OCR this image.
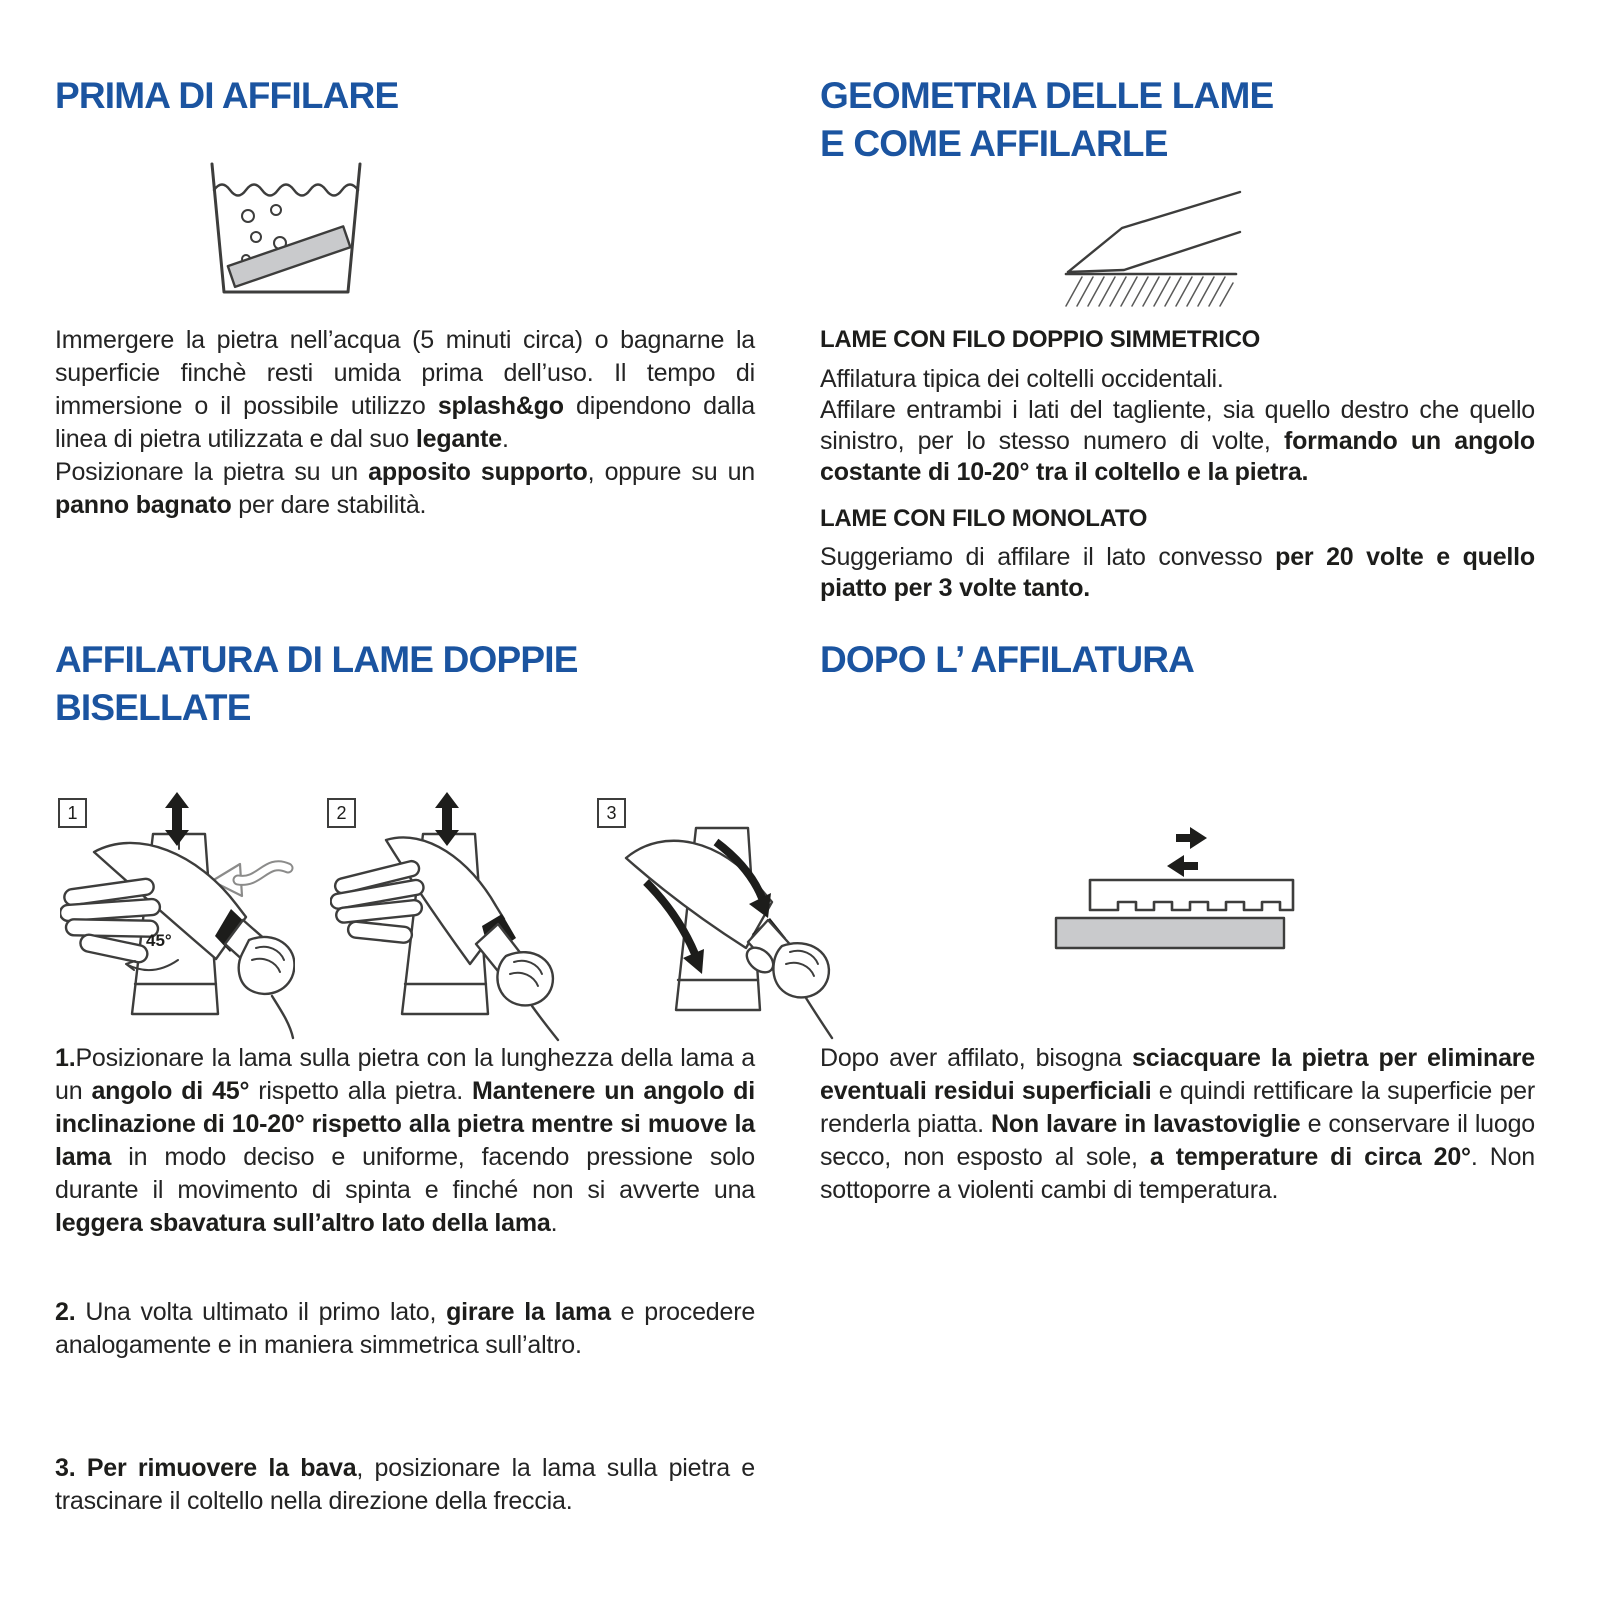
PRIMA DI AFFILARE

Immergere la pietra nell’acqua (5 minuti circa) o bagnarne la superficie finchè resti umida prima dell’uso. Il tempo di immersione o il possibile utilizzo splash&go dipendono dalla linea di pietra utilizzata e dal suo legante.
Posizionare la pietra su un apposito supporto, oppure su un panno bagnato per dare stabilità.

GEOMETRIA DELLE LAME
E COME AFFILARLE
LAME CON FILO DOPPIO SIMMETRICO

Affilatura tipica dei coltelli occidentali.
Affilare entrambi i lati del tagliente, sia quello destro che quello sinistro, per lo stesso numero di volte, formando un angolo costante di 10-20° tra il coltello e la pietra.

LAME CON FILO MONOLATO

Suggeriamo di affilare il lato convesso per 20 volte e quello piatto per 3 volte tanto.

AFFILATURA DI LAME DOPPIE
BISELLATE
1	2	3
45°

1.Posizionare la lama sulla pietra con la lunghezza della lama a un angolo di 45° rispetto alla pietra. Mantenere un angolo di inclinazione di 10-20° rispetto alla pietra mentre si muove la lama in modo deciso e uniforme, facendo pressione solo durante il movimento di spinta e finché non si avverte una leggera sbavatura sull’altro lato della lama.

2. Una volta ultimato il primo lato, girare la lama e procedere analogamente e in maniera simmetrica sull’altro.

3. Per rimuovere la bava, posizionare la lama sulla pietra e trascinare il coltello nella direzione della freccia.

DOPO L’ AFFILATURA

Dopo aver affilato, bisogna sciacquare la pietra per eliminare eventuali residui superficiali e quindi rettificare la superficie per renderla piatta. Non lavare in lavastoviglie e conservare il luogo secco, non esposto al sole, a temperature di circa 20°. Non sottoporre a violenti cambi di temperatura.
